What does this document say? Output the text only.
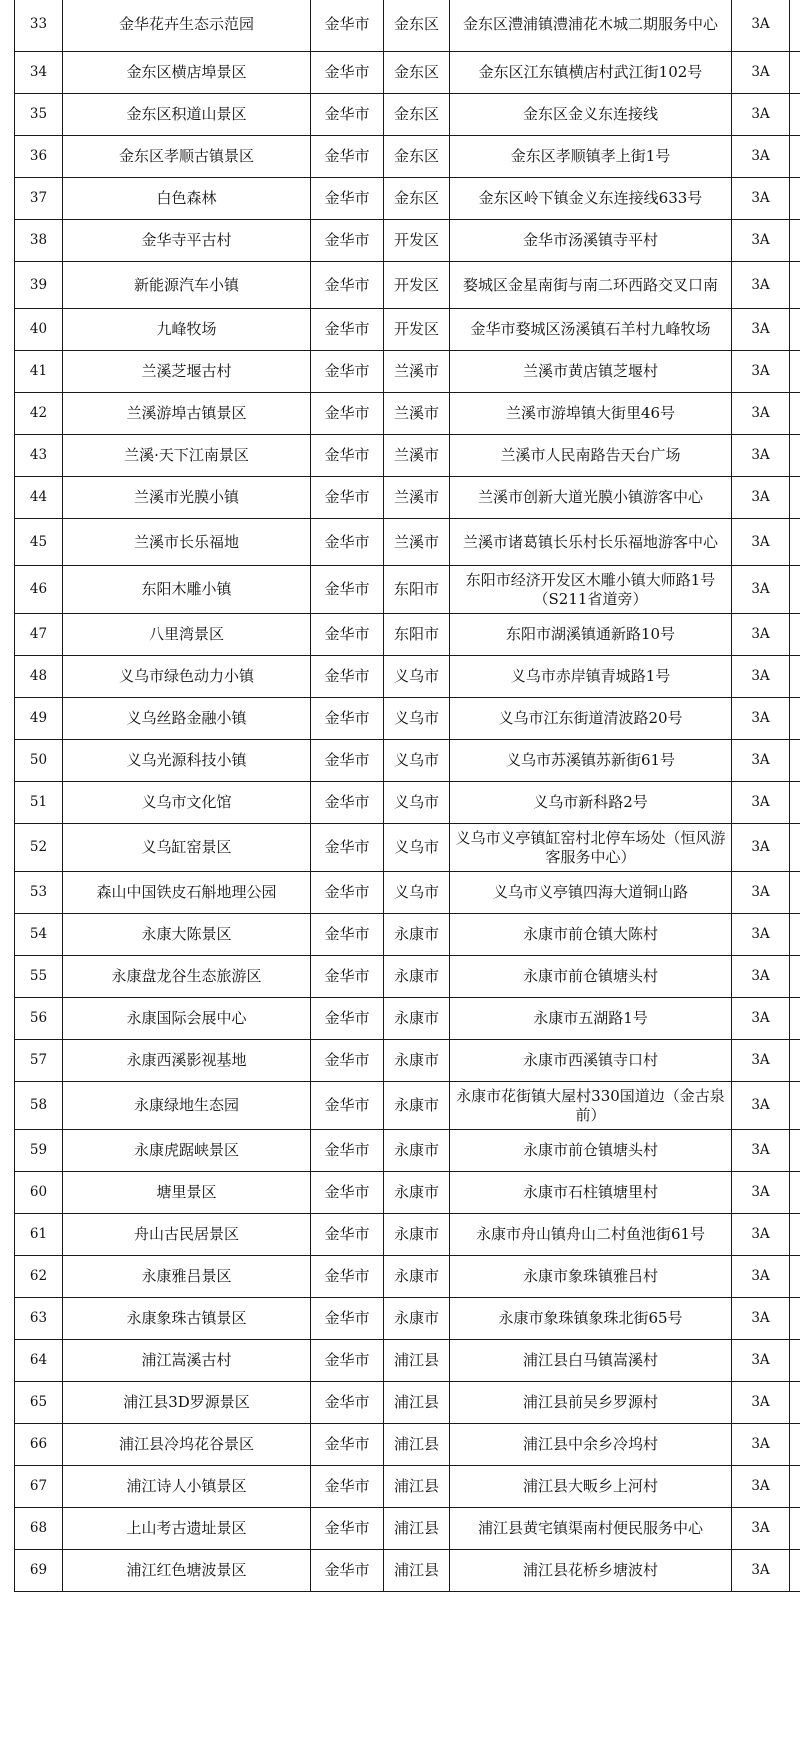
33	金华花卉生态示范园	金华市	金东区	金东区澧浦镇澧浦花木城二期服务中心	3A	
34	金东区横店埠景区	金华市	金东区	金东区江东镇横店村武江街102号	3A	
35	金东区积道山景区	金华市	金东区	金东区金义东连接线	3A	
36	金东区孝顺古镇景区	金华市	金东区	金东区孝顺镇孝上街1号	3A	
37	白色森林	金华市	金东区	金东区岭下镇金义东连接线633号	3A	
38	金华寺平古村	金华市	开发区	金华市汤溪镇寺平村	3A	
39	新能源汽车小镇	金华市	开发区	婺城区金星南街与南二环西路交叉口南	3A	
40	九峰牧场	金华市	开发区	金华市婺城区汤溪镇石羊村九峰牧场	3A	
41	兰溪芝堰古村	金华市	兰溪市	兰溪市黄店镇芝堰村	3A	
42	兰溪游埠古镇景区	金华市	兰溪市	兰溪市游埠镇大街里46号	3A	
43	兰溪·天下江南景区	金华市	兰溪市	兰溪市人民南路告天台广场	3A	
44	兰溪市光膜小镇	金华市	兰溪市	兰溪市创新大道光膜小镇游客中心	3A	
45	兰溪市长乐福地	金华市	兰溪市	兰溪市诸葛镇长乐村长乐福地游客中心	3A	
46	东阳木雕小镇	金华市	东阳市	东阳市经济开发区木雕小镇大师路1号（S211省道旁）	3A	
47	八里湾景区	金华市	东阳市	东阳市湖溪镇通新路10号	3A	
48	义乌市绿色动力小镇	金华市	义乌市	义乌市赤岸镇青城路1号	3A	
49	义乌丝路金融小镇	金华市	义乌市	义乌市江东街道清波路20号	3A	
50	义乌光源科技小镇	金华市	义乌市	义乌市苏溪镇苏新街61号	3A	
51	义乌市文化馆	金华市	义乌市	义乌市新科路2号	3A	
52	义乌缸窑景区	金华市	义乌市	义乌市义亭镇缸窑村北停车场处（恒风游客服务中心）	3A	
53	森山中国铁皮石斛地理公园	金华市	义乌市	义乌市义亭镇四海大道铜山路	3A	
54	永康大陈景区	金华市	永康市	永康市前仓镇大陈村	3A	
55	永康盘龙谷生态旅游区	金华市	永康市	永康市前仓镇塘头村	3A	
56	永康国际会展中心	金华市	永康市	永康市五湖路1号	3A	
57	永康西溪影视基地	金华市	永康市	永康市西溪镇寺口村	3A	
58	永康绿地生态园	金华市	永康市	永康市花街镇大屋村330国道边（金古泉前）	3A	
59	永康虎踞峡景区	金华市	永康市	永康市前仓镇塘头村	3A	
60	塘里景区	金华市	永康市	永康市石柱镇塘里村	3A	
61	舟山古民居景区	金华市	永康市	永康市舟山镇舟山二村鱼池街61号	3A	
62	永康雅吕景区	金华市	永康市	永康市象珠镇雅吕村	3A	
63	永康象珠古镇景区	金华市	永康市	永康市象珠镇象珠北街65号	3A	
64	浦江嵩溪古村	金华市	浦江县	浦江县白马镇嵩溪村	3A	
65	浦江县3D罗源景区	金华市	浦江县	浦江县前吴乡罗源村	3A	
66	浦江县冷坞花谷景区	金华市	浦江县	浦江县中余乡冷坞村	3A	
67	浦江诗人小镇景区	金华市	浦江县	浦江县大畈乡上河村	3A	
68	上山考古遗址景区	金华市	浦江县	浦江县黄宅镇渠南村便民服务中心	3A	
69	浦江红色塘波景区	金华市	浦江县	浦江县花桥乡塘波村	3A	
